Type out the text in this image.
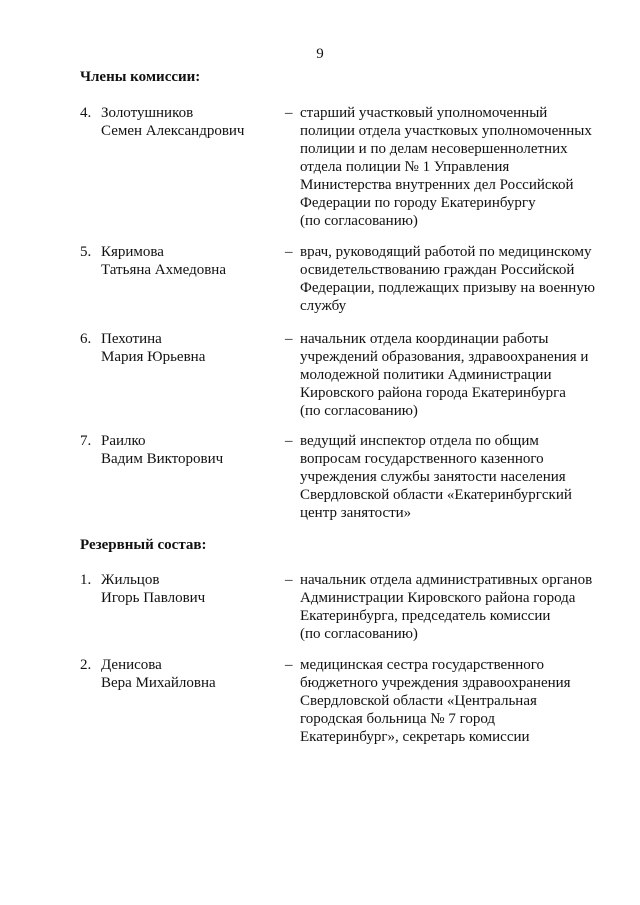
9
Члены комиссии:
4. Золотушников
Семен Александрович
– старший участковый уполномоченный
полиции отдела участковых уполномоченных
полиции и по делам несовершеннолетних
отдела полиции № 1 Управления
Министерства внутренних дел Российской
Федерации по городу Екатеринбургу
(по согласованию)
5. Кяримова
Татьяна Ахмедовна
– врач, руководящий работой по медицинскому
освидетельствованию граждан Российской
Федерации, подлежащих призыву на военную
службу
6. Пехотина
Мария Юрьевна
– начальник отдела координации работы
учреждений образования, здравоохранения и
молодежной политики Администрации
Кировского района города Екатеринбурга
(по согласованию)
7. Раилко
Вадим Викторович
– ведущий инспектор отдела по общим
вопросам государственного казенного
учреждения службы занятости населения
Свердловской области «Екатеринбургский
центр занятости»
Резервный состав:
1. Жильцов
Игорь Павлович
– начальник отдела административных органов
Администрации Кировского района города
Екатеринбурга, председатель комиссии
(по согласованию)
2. Денисова
Вера Михайловна
– медицинская сестра государственного
бюджетного учреждения здравоохранения
Свердловской области «Центральная
городская больница № 7 город
Екатеринбург», секретарь комиссии
